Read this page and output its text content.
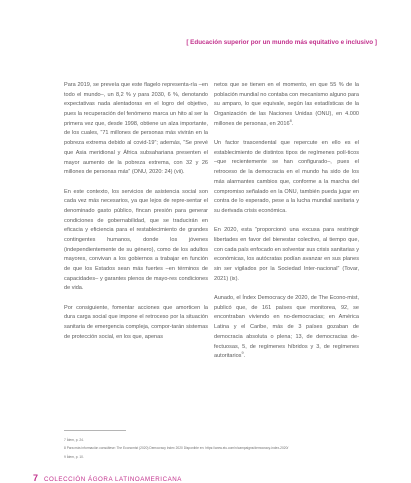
[ Educación superior por un mundo más equitativo e inclusivo ]

Para 2019, se preveía que este flagelo representa-ría –en todo el mundo–, un 8,2 % y para 2030, 6 %, denotando expectativas nada alentadoras en el logro del objetivo, pues la recuperación del fenómeno marca un hito al ser la primera vez que, desde 1998, obtiene un alza importante, de los cuales, “71 millones de personas más vivirán en la pobreza extrema debido al covid-19”; además, “Se prevé que Asia meridional y África subsahariana presenten el mayor aumento de la pobreza extrema, con 32 y 26 millones de personas más” (ONU, 2020: 24) (vii).

En este contexto, los servicios de asistencia social son cada vez más necesarios, ya que lejos de repre-sentar el denominado gasto público, fincan presión para generar condiciones de gobernabilidad, que se traducirán en eficacia y eficiencia para el restablecimiento de grandes contingentes humanos, donde los jóvenes (independientemente de su género), como de los adultos mayores, convivan a los gobiernos a trabajar en función de que los Estados sean más fuertes –en términos de capacidades– y garantes plenos de mayo-res condiciones de vida.

Por consiguiente, fomentar acciones que amorticen la dura carga social que impone el retroceso por la situación sanitaria de emergencia compleja, compor-tarán sistemas de protección social, en los que, apenas

netos que se tienen en el momento, en que 55 % de la población mundial no contaba con mecanismo alguno para su amparo, lo que equivale, según las estadísticas de la Organización de las Naciones Unidas (ONU), en 4.000 millones de personas, en 2016$^8$.

Un factor trascendental que repercute en ello es el establecimiento de distintos tipos de regímenes polí-ticos –que recientemente se han configurado–, pues el retroceso de la democracia en el mundo ha sido de los más alarmantes cambios que, conforme a la marcha del compromiso señalado en la ONU, también pueda jugar en contra de lo esperado, pese a la lucha mundial sanitaria y su derivada crisis económica.

En 2020, esta “proporcionó una excusa para restringir libertades en favor del bienestar colectivo, al tiempo que, con cada país enfocado en solventar sus crisis sanitarias y económicas, los autócratas podían avanzar en sus planes sin ser vigilados por la Sociedad Inter-nacional” (Tovar, 2021) (ix).

Aunado, el Índex Democracy de 2020, de The Econo-mist, publicó que, de 161 países que monitorea, 92, se encontraban viviendo en no-democracias; en América Latina y el Caribe, más de 3 países gozaban de democracia absoluta o plena; 13, de democracias de-fectuosas, 5, de regímenes híbridos y 3, de regímenes autoritarios$^9$.

7 Ídem, p. 24.
8 Para más información consúltese: The Economist (2020) Democracy Index 2020 Disponible en: https://www.eiu.com/n/campaigns/democracy-index-2020/
9 Ídem, p. 10.
7 COLECCIÓN ÁGORA LATINOAMERICANA
